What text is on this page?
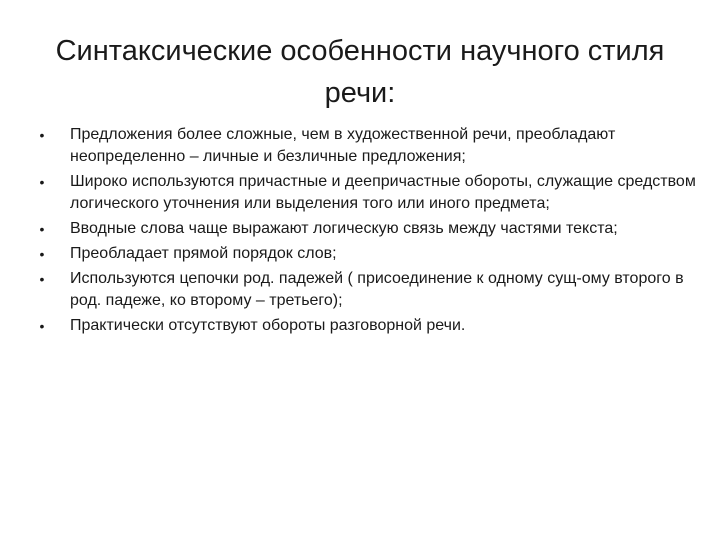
Синтаксические особенности научного стиля
речи:
• Предложения более сложные, чем в художественной речи, преобладают неопределенно – личные и безличные предложения;
• Широко используются причастные и деепричастные обороты, служащие средством логического уточнения или выделения того или иного предмета;
• Вводные слова чаще выражают логическую связь между частями текста;
• Преобладает прямой порядок слов;
• Используются цепочки род. падежей ( присоединение к одному сущ-ому второго в род. падеже, ко второму – третьего);
• Практически отсутствуют обороты разговорной речи.
